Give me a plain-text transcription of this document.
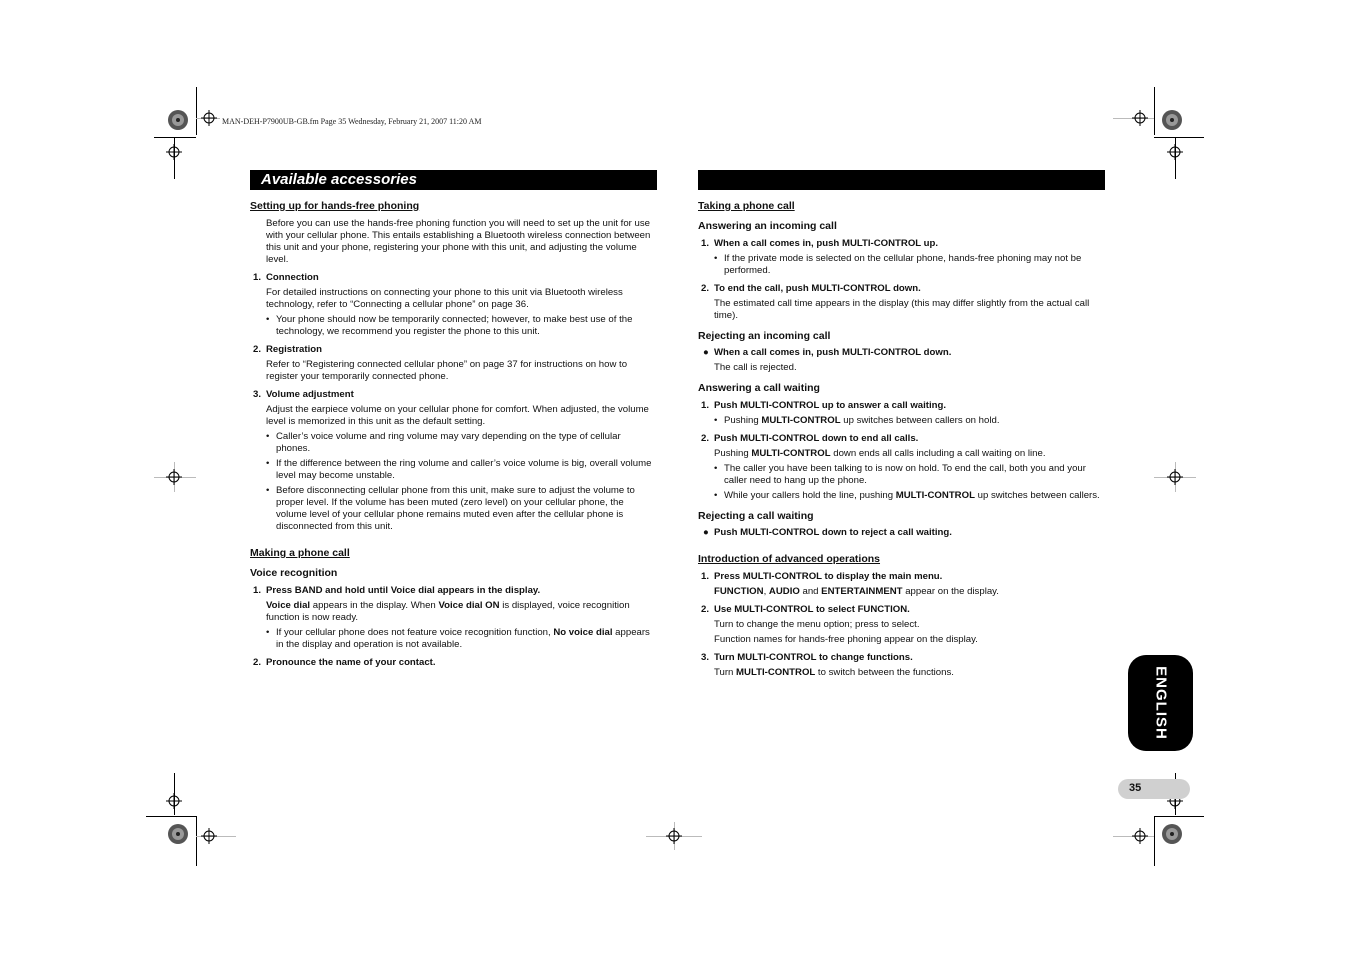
MAN-DEH-P7900UB-GB.fm Page 35 Wednesday, February 21, 2007 11:20 AM
Available accessories
Setting up for hands-free phoning
Before you can use the hands-free phoning function you will need to set up the unit for use with your cellular phone. This entails establishing a Bluetooth wireless connection between this unit and your phone, registering your phone with this unit, and adjusting the volume level.
1. Connection
For detailed instructions on connecting your phone to this unit via Bluetooth wireless technology, refer to “Connecting a cellular phone” on page 36.
• Your phone should now be temporarily connected; however, to make best use of the technology, we recommend you register the phone to this unit.
2. Registration
Refer to “Registering connected cellular phone” on page 37 for instructions on how to register your temporarily connected phone.
3. Volume adjustment
Adjust the earpiece volume on your cellular phone for comfort. When adjusted, the volume level is memorized in this unit as the default setting.
• Caller’s voice volume and ring volume may vary depending on the type of cellular phones.
• If the difference between the ring volume and caller’s voice volume is big, overall volume level may become unstable.
• Before disconnecting cellular phone from this unit, make sure to adjust the volume to proper level. If the volume has been muted (zero level) on your cellular phone, the volume level of your cellular phone remains muted even after the cellular phone is disconnected from this unit.
Making a phone call
Voice recognition
1. Press BAND and hold until Voice dial appears in the display.
Voice dial appears in the display. When Voice dial ON is displayed, voice recognition function is now ready.
• If your cellular phone does not feature voice recognition function, No voice dial appears in the display and operation is not available.
2. Pronounce the name of your contact.
Taking a phone call
Answering an incoming call
1. When a call comes in, push MULTI-CONTROL up.
• If the private mode is selected on the cellular phone, hands-free phoning may not be performed.
2. To end the call, push MULTI-CONTROL down.
The estimated call time appears in the display (this may differ slightly from the actual call time).
Rejecting an incoming call
● When a call comes in, push MULTI-CONTROL down.
The call is rejected.
Answering a call waiting
1. Push MULTI-CONTROL up to answer a call waiting.
• Pushing MULTI-CONTROL up switches between callers on hold.
2. Push MULTI-CONTROL down to end all calls.
Pushing MULTI-CONTROL down ends all calls including a call waiting on line.
• The caller you have been talking to is now on hold. To end the call, both you and your caller need to hang up the phone.
• While your callers hold the line, pushing MULTI-CONTROL up switches between callers.
Rejecting a call waiting
● Push MULTI-CONTROL down to reject a call waiting.
Introduction of advanced operations
1. Press MULTI-CONTROL to display the main menu.
FUNCTION, AUDIO and ENTERTAINMENT appear on the display.
2. Use MULTI-CONTROL to select FUNCTION.
Turn to change the menu option; press to select.
Function names for hands-free phoning appear on the display.
3. Turn MULTI-CONTROL to change functions.
Turn MULTI-CONTROL to switch between the functions.	ENGLISH
35
